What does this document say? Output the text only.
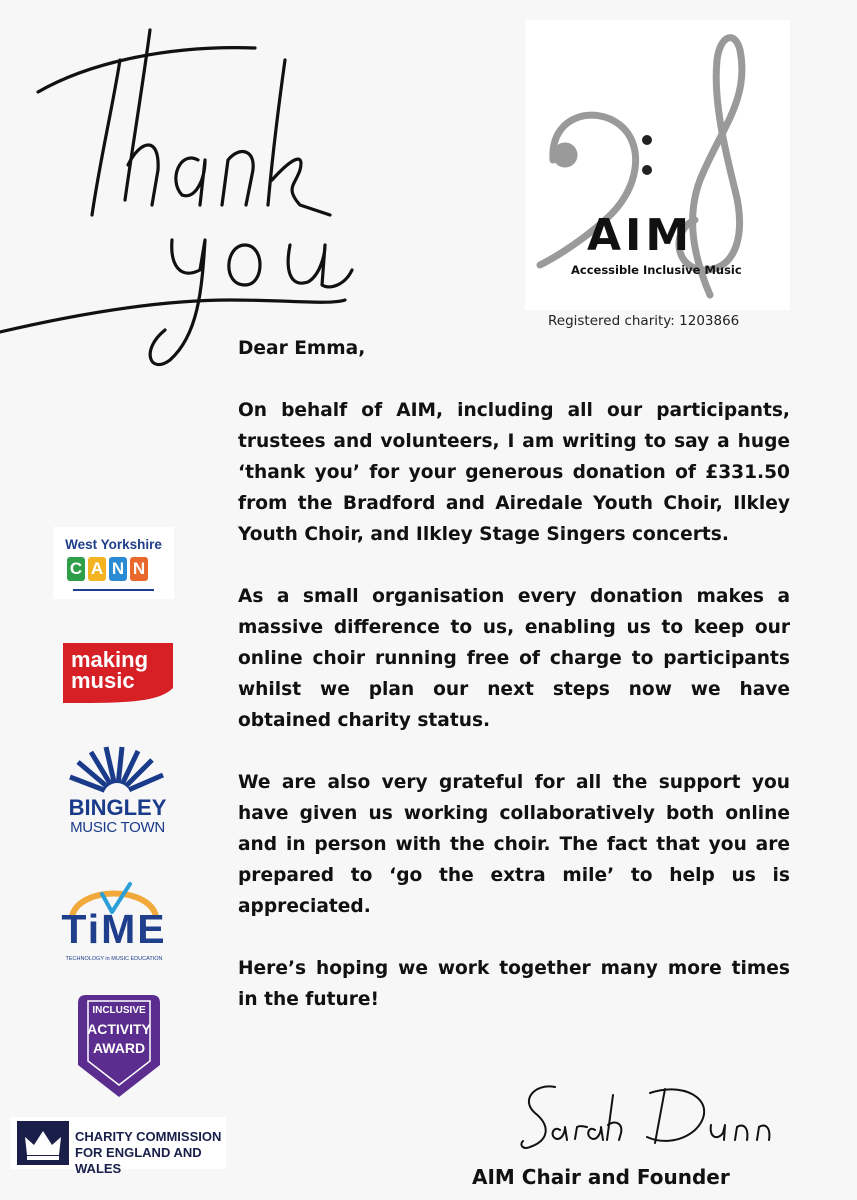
AIM
Accessible Inclusive Music
Registered charity: 1203866

Dear Emma,

On behalf of AIM, including all our participants, trustees and volunteers, I am writing to say a huge ‘thank you’ for your generous donation of £331.50 from the Bradford and Airedale Youth Choir, Ilkley Youth Choir, and Ilkley Stage Singers concerts.

As a small organisation every donation makes a massive difference to us, enabling us to keep our online choir running free of charge to participants whilst we plan our next steps now we have obtained charity status.

We are also very grateful for all the support you have given us working collaboratively both online and in person with the choir. The fact that you are prepared to ‘go the extra mile’ to help us is appreciated.

Here’s hoping we work together many more times in the future!

West Yorkshire
C A N N
making
music
BINGLEY
MUSIC TOWN
TiME
TECHNOLOGY in MUSIC EDUCATION
INCLUSIVE
ACTIVITY
AWARD
CHARITY COMMISSION
FOR ENGLAND AND WALES	AIM Chair and Founder
